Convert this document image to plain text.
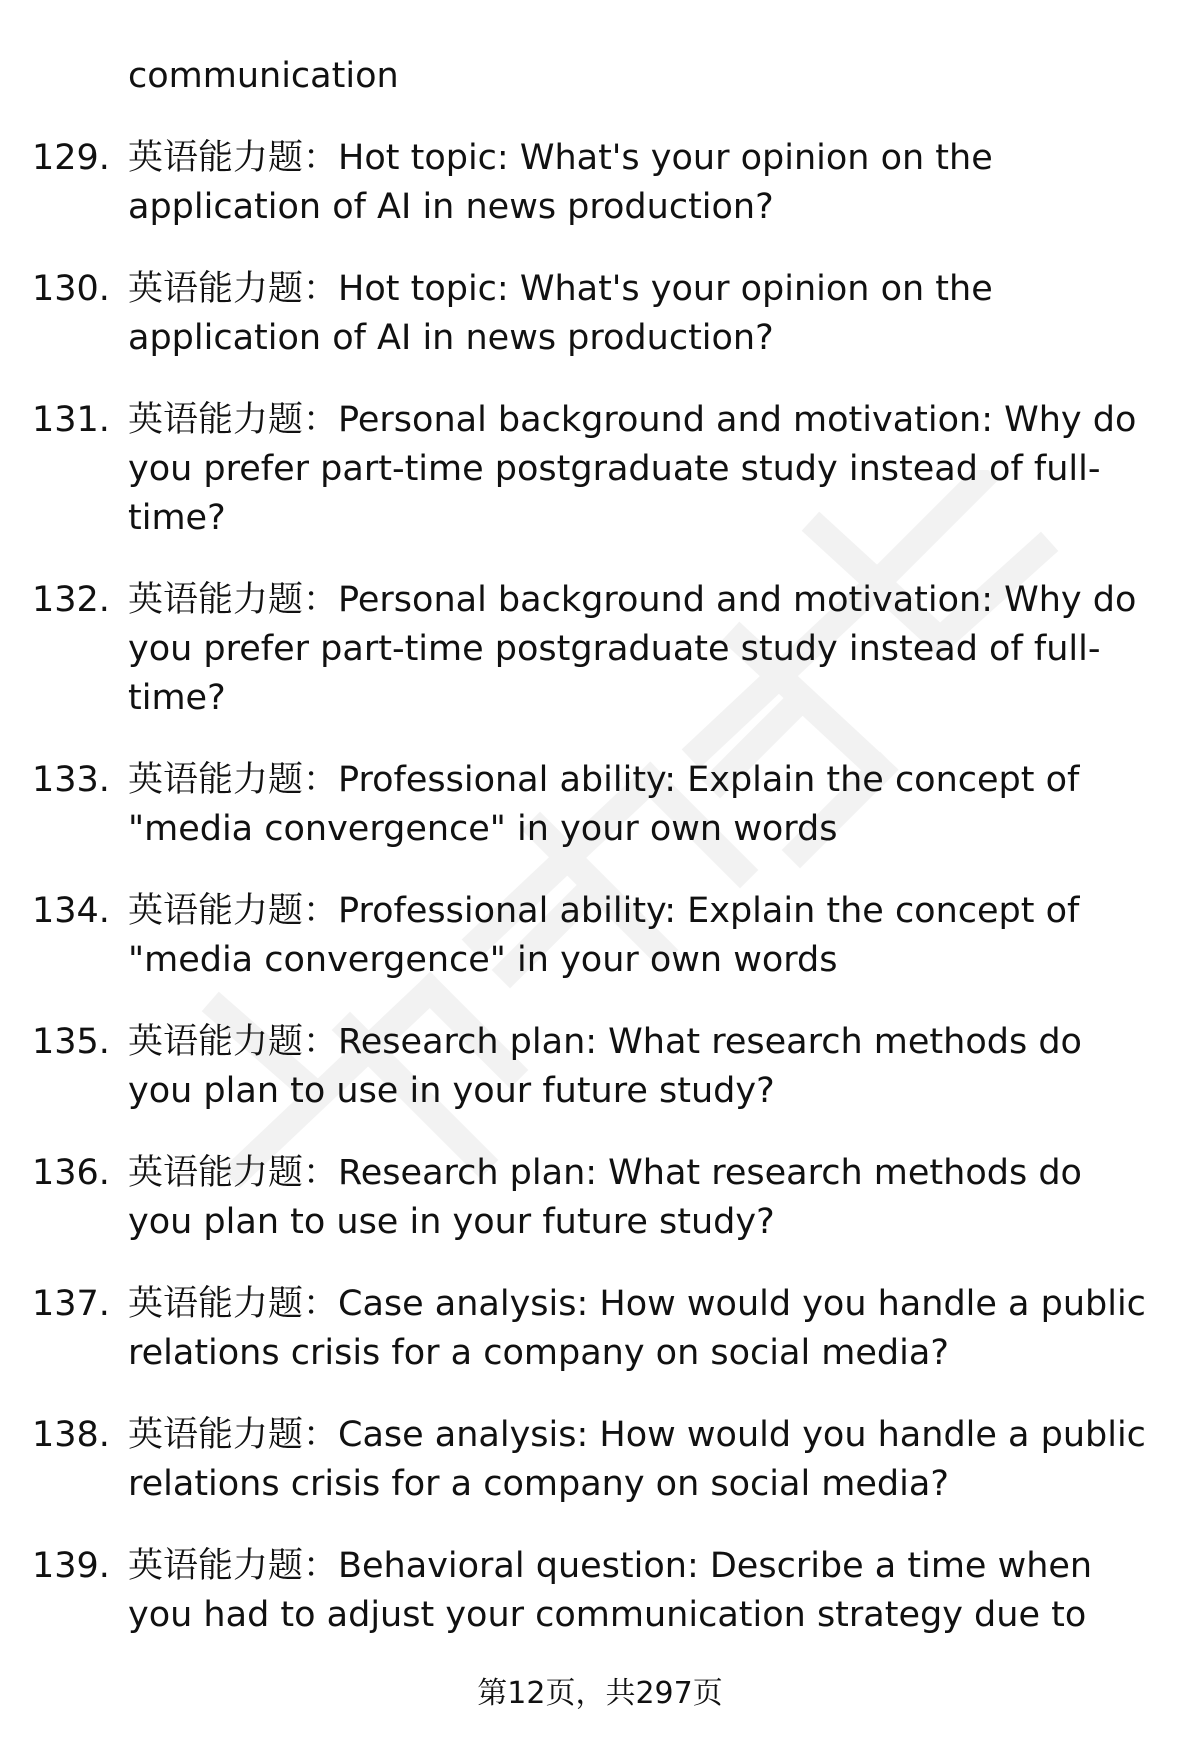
communication
129. 英语能力题：Hot topic: What's your opinion on the application of AI in news production?
130. 英语能力题：Hot topic: What's your opinion on the application of AI in news production?
131. 英语能力题：Personal background and motivation: Why do you prefer part-time postgraduate study instead of full-time?
132. 英语能力题：Personal background and motivation: Why do you prefer part-time postgraduate study instead of full-time?
133. 英语能力题：Professional ability: Explain the concept of "media convergence" in your own words
134. 英语能力题：Professional ability: Explain the concept of "media convergence" in your own words
135. 英语能力题：Research plan: What research methods do you plan to use in your future study?
136. 英语能力题：Research plan: What research methods do you plan to use in your future study?
137. 英语能力题：Case analysis: How would you handle a public relations crisis for a company on social media?
138. 英语能力题：Case analysis: How would you handle a public relations crisis for a company on social media?
139. 英语能力题：Behavioral question: Describe a time when you had to adjust your communication strategy due to
第12页，共297页
